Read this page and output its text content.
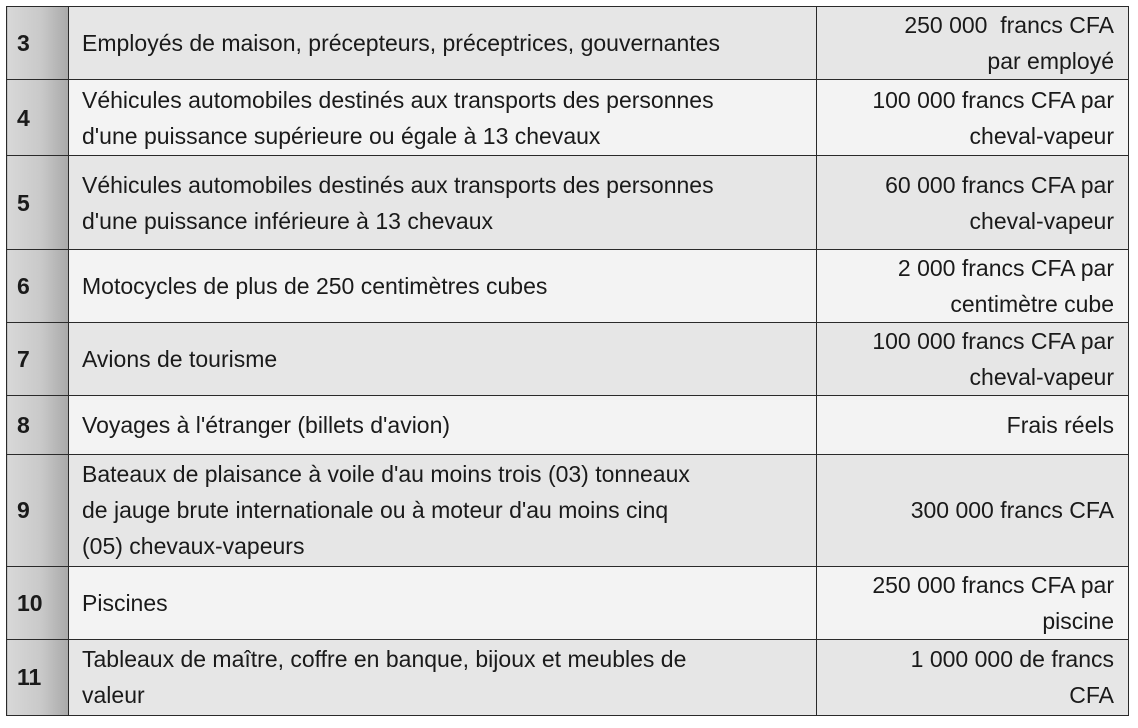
3	Employés de maison, précepteurs, préceptrices, gouvernantes	250 000  francs CFA
par employé

4	Véhicules automobiles destinés aux transports des personnes
d'une puissance supérieure ou égale à 13 chevaux	100 000 francs CFA par
cheval-vapeur

5	Véhicules automobiles destinés aux transports des personnes
d'une puissance inférieure à 13 chevaux	60 000 francs CFA par
cheval-vapeur

6	Motocycles de plus de 250 centimètres cubes	2 000 francs CFA par
centimètre cube

7	Avions de tourisme	100 000 francs CFA par
cheval-vapeur

8	Voyages à l'étranger (billets d'avion)	Frais réels

9	Bateaux de plaisance à voile d'au moins trois (03) tonneaux
de jauge brute internationale ou à moteur d'au moins cinq
(05) chevaux-vapeurs	300 000 francs CFA

10	Piscines	250 000 francs CFA par
piscine

11	Tableaux de maître, coffre en banque, bijoux et meubles de
valeur	1 000 000 de francs
CFA
